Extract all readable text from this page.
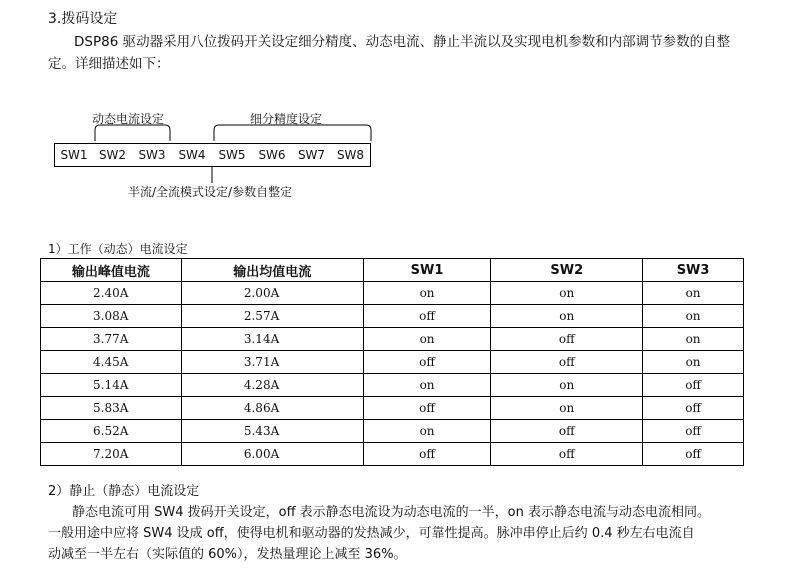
3.拨码设定
DSP86 驱动器采用八位拨码开关设定细分精度、动态电流、静止半流以及实现电机参数和内部调节参数的自整
定。详细描述如下：
动态电流设定	细分精度设定
SW1 SW2	SW3	SW4	SW5	SW6	SW7 SW8
半流/全流模式设定/参数自整定
1）工作（动态）电流设定
输出峰值电流	输出均值电流	SW1	SW2	SW3
2.40A	2.00A	on	on	on
3.08A	2.57A	off	on	on
3.77A	3.14A	on	off	on
4.45A	3.71A	off	off	on
5.14A	4.28A	on	on	off
5.83A	4.86A	off	on	off
6.52A	5.43A	on	off	off
7.20A	6.00A	off	off	off
2）静止（静态）电流设定
静态电流可用 SW4 拨码开关设定，off 表示静态电流设为动态电流的一半，on 表示静态电流与动态电流相同。
一般用途中应将 SW4 设成 off，使得电机和驱动器的发热减少，可靠性提高。脉冲串停止后约 0.4 秒左右电流自
动减至一半左右（实际值的 60%），发热量理论上减至 36%。
